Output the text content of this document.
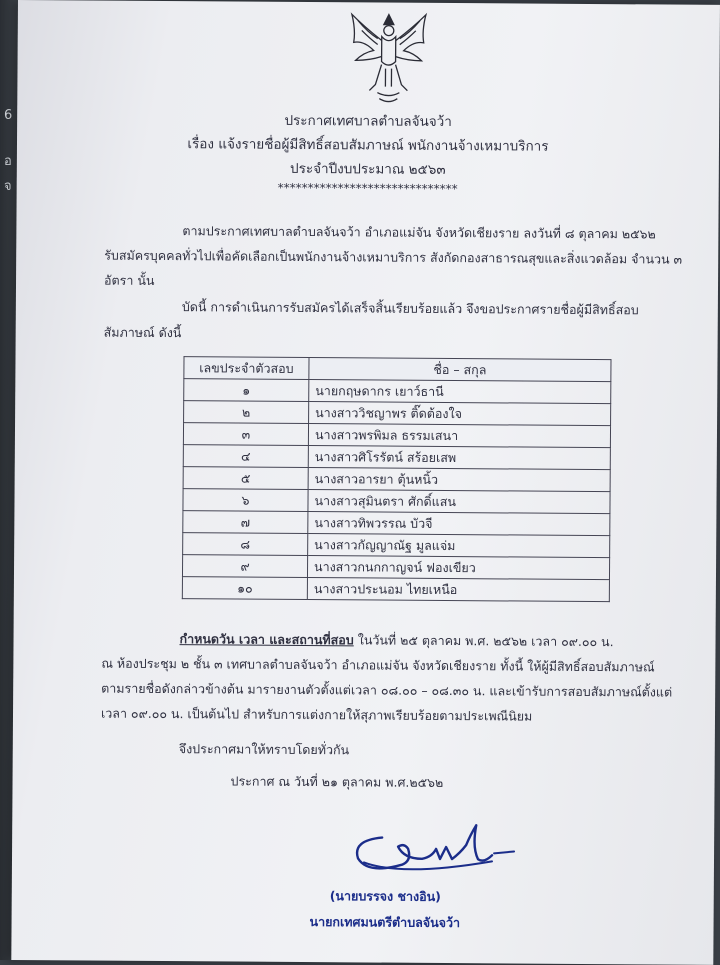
6
อ
จ
ประกาศเทศบาลตำบลจันจว้า
เรื่อง แจ้งรายชื่อผู้มีสิทธิ์สอบสัมภาษณ์ พนักงานจ้างเหมาบริการ
ประจำปีงบประมาณ ๒๕๖๓
******************************
ตามประกาศเทศบาลตำบลจันจว้า อำเภอแม่จัน จังหวัดเชียงราย ลงวันที่ ๘ ตุลาคม ๒๕๖๒
รับสมัครบุคคลทั่วไปเพื่อคัดเลือกเป็นพนักงานจ้างเหมาบริการ สังกัดกองสาธารณสุขและสิ่งแวดล้อม จำนวน ๓
อัตรา นั้น
บัดนี้ การดำเนินการรับสมัครได้เสร็จสิ้นเรียบร้อยแล้ว จึงขอประกาศรายชื่อผู้มีสิทธิ์สอบ
สัมภาษณ์ ดังนี้
เลขประจำตัวสอบ	ชื่อ – สกุล
๑	นายกฤษดากร เยาว์ธานี
๒	นางสาววิชญาพร ติ๊ดต้องใจ
๓	นางสาวพรพิมล ธรรมเสนา
๔	นางสาวศิโรรัตน์ สร้อยเสพ
๕	นางสาวอารยา ตุ้นหนิ้ว
๖	นางสาวสุมินตรา ศักดิ์แสน
๗	นางสาวทิพวรรณ บัวจี
๘	นางสาวกัญญาณัฐ มูลแจ่ม
๙	นางสาวกนกกาญจน์ ฟองเขียว
๑๐	นางสาวประนอม ไทยเหนือ
กำหนดวัน เวลา และสถานที่สอบ ในวันที่ ๒๕ ตุลาคม พ.ศ. ๒๕๖๒ เวลา ๐๙.๐๐ น.
ณ ห้องประชุม ๒ ชั้น ๓ เทศบาลตำบลจันจว้า อำเภอแม่จัน จังหวัดเชียงราย ทั้งนี้ ให้ผู้มีสิทธิ์สอบสัมภาษณ์
ตามรายชื่อดังกล่าวข้างต้น มารายงานตัวตั้งแต่เวลา ๐๘.๐๐ – ๐๘.๓๐ น. และเข้ารับการสอบสัมภาษณ์ตั้งแต่
เวลา ๐๙.๐๐ น. เป็นต้นไป สำหรับการแต่งกายให้สุภาพเรียบร้อยตามประเพณีนิยม
จึงประกาศมาให้ทราบโดยทั่วกัน
ประกาศ ณ วันที่ ๒๑ ตุลาคม พ.ศ.๒๕๖๒
(นายบรรจง ชางอิน)
นายกเทศมนตรีตำบลจันจว้า
